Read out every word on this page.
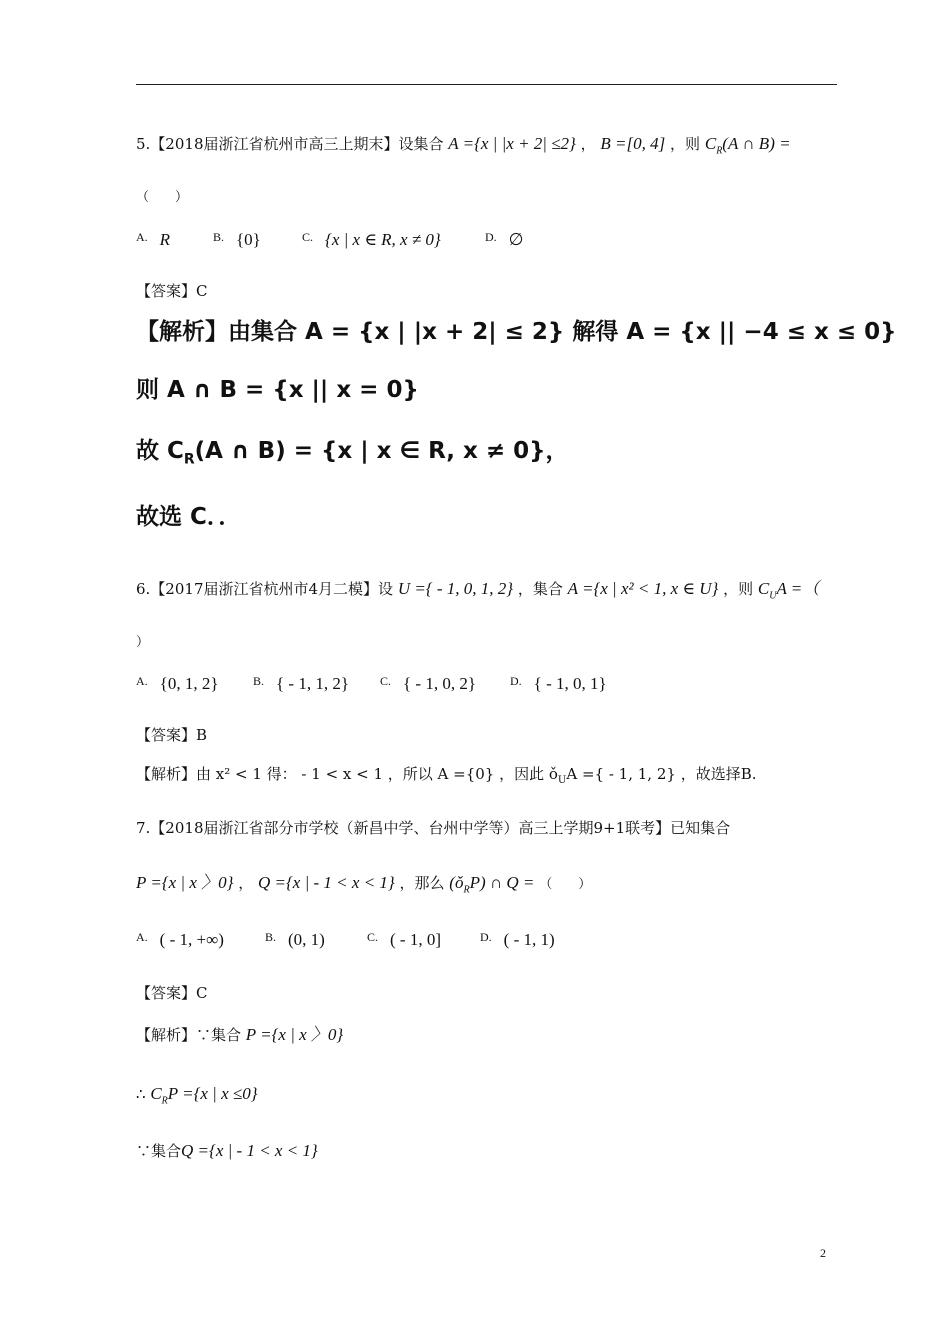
5.【2018届浙江省杭州市高三上期末】设集合 A ={x | |x + 2| ≤2} ， B =[0, 4] ，则 $C_R(A$ ∩ B) =
（　　）
$^{A.}$ R	$^{B.}$ {0}	$^{C.}$ {x | x ∈ R, x ≠ 0}	$^{D.}$ ∅
【答案】C
【解析】由集合 A = {x | |x + 2| ≤ 2} 解得 A = {x || −4 ≤ x ≤ 0}
则 A ∩ B = {x || x = 0}
故 $C_R(A$ ∩ B) = {x | x ∈ R, x ≠ 0}，
故选 C．．
6.【2017届浙江省杭州市4月二模】设 U ={ - 1, 0, 1, 2} ，集合 A ={x | x² < 1, x ∈ U} ，则 $C_UA$ =（
）
$^{A.}$ {0, 1, 2}	$^{B.}$ { - 1, 1, 2}	$^{C.}$ { - 1, 0, 2}	$^{D.}$ { - 1, 0, 1}
【答案】B
【解析】由 x² < 1 得： - 1 < x < 1 ，所以 A ={0} ，因此 $ǒ_UA$ ={ - 1, 1, 2} ，故选择B.
7.【2018届浙江省部分市学校（新昌中学、台州中学等）高三上学期9+1联考】已知集合
P ={x | x 〉0} ， Q ={x | - 1 < x < 1} ，那么 $(ǒ_RP)$ ∩ Q = （　　）
$^{A.}$ ( - 1, +∞)	$^{B.}$ (0, 1)	$^{C.}$ ( - 1, 0]	$^{D.}$ ( - 1, 1)
【答案】C
【解析】∵集合 P ={x | x 〉0}
∴ $C_RP =\{x$ | x ≤0}
∵集合Q ={x | - 1 < x < 1}
2
